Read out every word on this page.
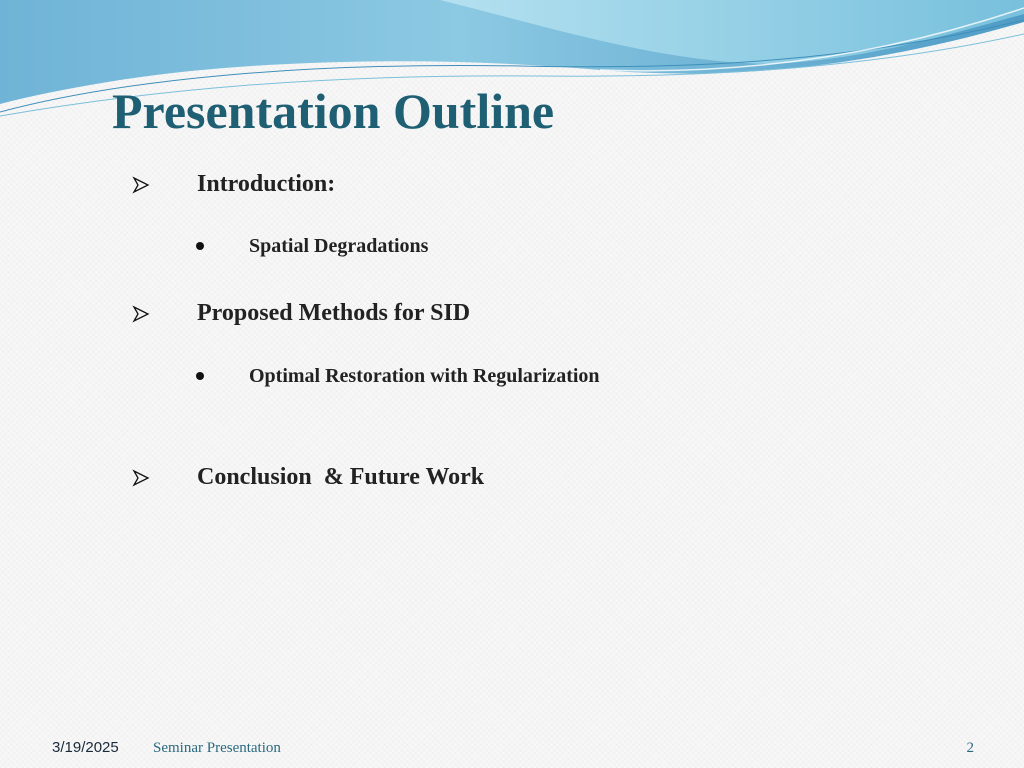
Presentation Outline
Introduction:
Spatial Degradations
Proposed Methods for SID
Optimal Restoration with Regularization
Conclusion  & Future Work
3/19/2025 Seminar Presentation	2
